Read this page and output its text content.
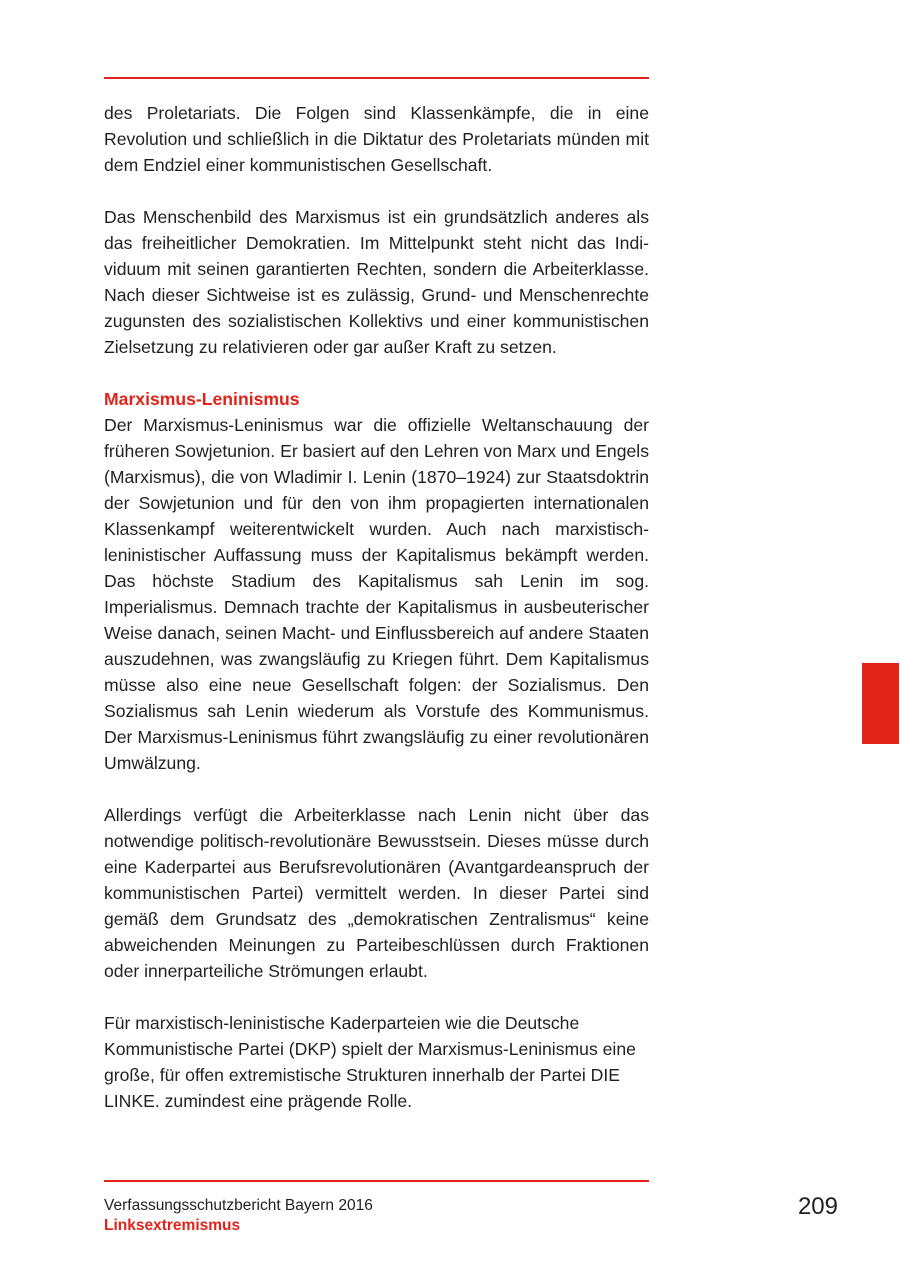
des Proletariats. Die Folgen sind Klassenkämpfe, die in eine Revolution und schließlich in die Diktatur des Proletariats münden mit dem Endziel einer kommunistischen Gesellschaft.

Das Menschenbild des Marxismus ist ein grundsätzlich anderes als das freiheitlicher Demokratien. Im Mittelpunkt steht nicht das Individuum mit seinen garantierten Rechten, sondern die Arbeiterklasse. Nach dieser Sichtweise ist es zulässig, Grund- und Menschenrechte zugunsten des sozialistischen Kollektivs und einer kommunistischen Zielsetzung zu relativieren oder gar außer Kraft zu setzen.

Marxismus-Leninismus

Der Marxismus-Leninismus war die offizielle Weltanschauung der früheren Sowjetunion. Er basiert auf den Lehren von Marx und Engels (Marxismus), die von Wladimir I. Lenin (1870–1924) zur Staatsdoktrin der Sowjetunion und für den von ihm propagierten internationalen Klassenkampf weiterentwickelt wurden. Auch nach marxistisch-leninistischer Auffassung muss der Kapitalismus bekämpft werden. Das höchste Stadium des Kapitalismus sah Lenin im sog. Imperialismus. Demnach trachte der Kapitalismus in ausbeuterischer Weise danach, seinen Macht- und Einflussbereich auf andere Staaten auszudehnen, was zwangsläufig zu Kriegen führt. Dem Kapitalismus müsse also eine neue Gesellschaft folgen: der Sozialismus. Den Sozialismus sah Lenin wiederum als Vorstufe des Kommunismus. Der Marxismus-Leninismus führt zwangsläufig zu einer revolutionären Umwälzung.

Allerdings verfügt die Arbeiterklasse nach Lenin nicht über das notwendige politisch-revolutionäre Bewusstsein. Dieses müsse durch eine Kaderpartei aus Berufsrevolutionären (Avantgardeanspruch der kommunistischen Partei) vermittelt werden. In dieser Partei sind gemäß dem Grundsatz des „demokratischen Zentralismus“ keine abweichenden Meinungen zu Parteibeschlüssen durch Fraktionen oder innerparteiliche Strömungen erlaubt.

Für marxistisch-leninistische Kaderparteien wie die Deutsche Kommunistische Partei (DKP) spielt der Marxismus-Leninismus eine große, für offen extremistische Strukturen innerhalb der Partei DIE LINKE. zumindest eine prägende Rolle.

Verfassungsschutzbericht Bayern 2016
Linksextremismus
209
